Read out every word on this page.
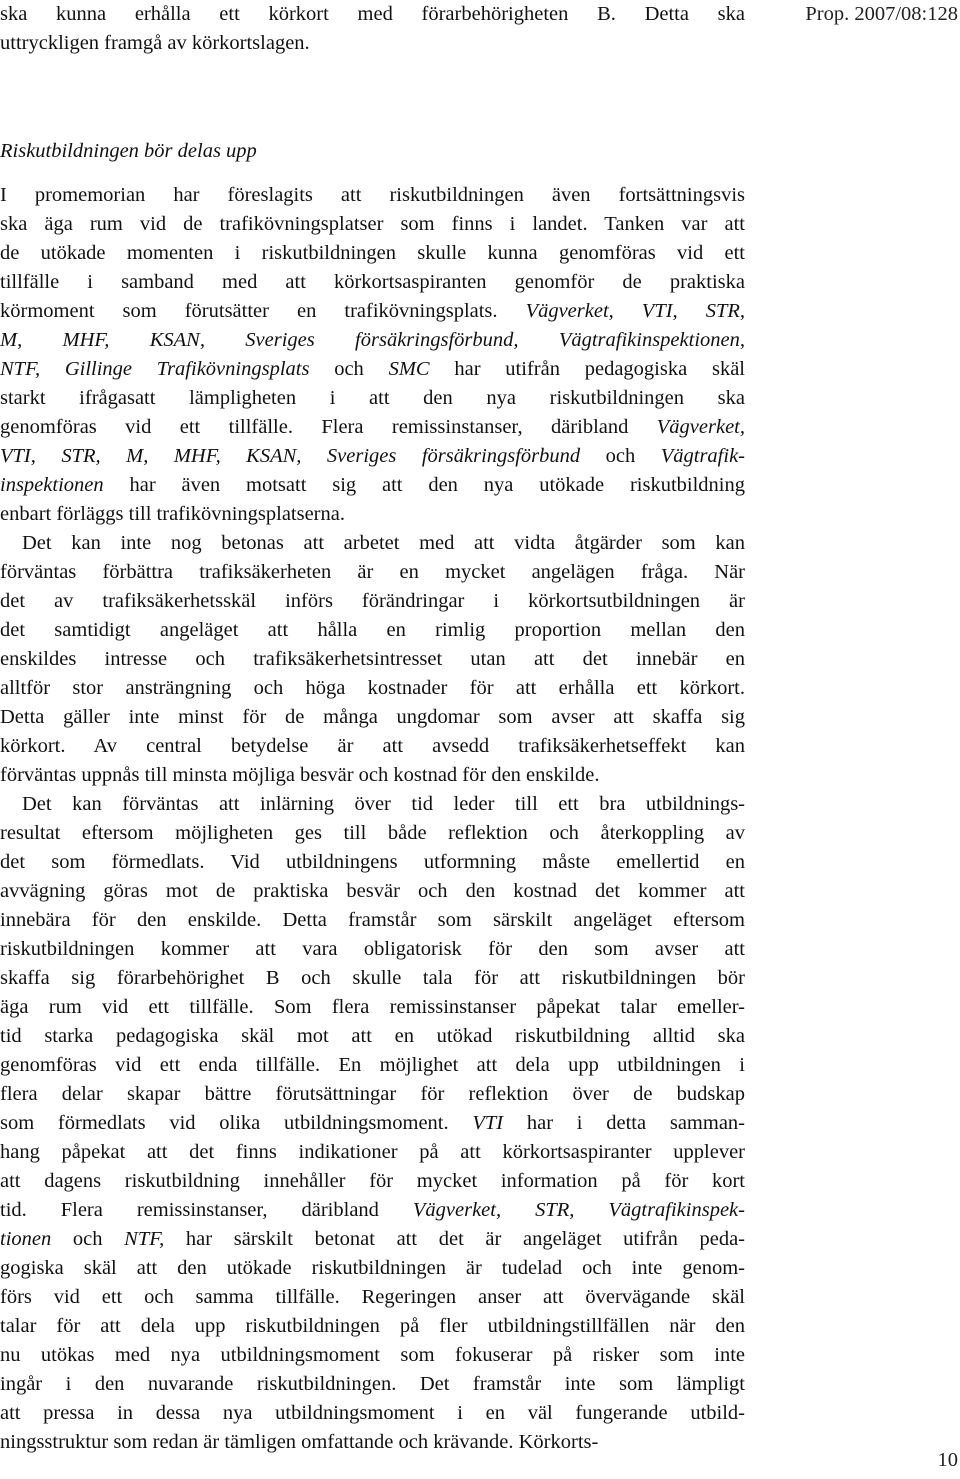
ska kunna erhålla ett körkort med förarbehörigheten B. Detta ska
uttryckligen framgå av körkortslagen.
Prop. 2007/08:128
Riskutbildningen bör delas upp
I promemorian har föreslagits att riskutbildningen även fortsättningsvis
ska äga rum vid de trafikövningsplatser som finns i landet. Tanken var att
de utökade momenten i riskutbildningen skulle kunna genomföras vid ett
tillfälle i samband med att körkortsaspiranten genomför de praktiska
körmoment som förutsätter en trafikövningsplats. Vägverket, VTI, STR,
M, MHF, KSAN, Sveriges försäkringsförbund, Vägtrafikinspektionen,
NTF, Gillinge Trafikövningsplats och SMC har utifrån pedagogiska skäl
starkt ifrågasatt lämpligheten i att den nya riskutbildningen ska
genomföras vid ett tillfälle. Flera remissinstanser, däribland Vägverket,
VTI, STR, M, MHF, KSAN, Sveriges försäkringsförbund och Vägtrafik-
inspektionen har även motsatt sig att den nya utökade riskutbildning
enbart förläggs till trafikövningsplatserna.
Det kan inte nog betonas att arbetet med att vidta åtgärder som kan
förväntas förbättra trafiksäkerheten är en mycket angelägen fråga. När
det av trafiksäkerhetsskäl införs förändringar i körkortsutbildningen är
det samtidigt angeläget att hålla en rimlig proportion mellan den
enskildes intresse och trafiksäkerhetsintresset utan att det innebär en
alltför stor ansträngning och höga kostnader för att erhålla ett körkort.
Detta gäller inte minst för de många ungdomar som avser att skaffa sig
körkort. Av central betydelse är att avsedd trafiksäkerhetseffekt kan
förväntas uppnås till minsta möjliga besvär och kostnad för den enskilde.
Det kan förväntas att inlärning över tid leder till ett bra utbildnings-
resultat eftersom möjligheten ges till både reflektion och återkoppling av
det som förmedlats. Vid utbildningens utformning måste emellertid en
avvägning göras mot de praktiska besvär och den kostnad det kommer att
innebära för den enskilde. Detta framstår som särskilt angeläget eftersom
riskutbildningen kommer att vara obligatorisk för den som avser att
skaffa sig förarbehörighet B och skulle tala för att riskutbildningen bör
äga rum vid ett tillfälle. Som flera remissinstanser påpekat talar emeller-
tid starka pedagogiska skäl mot att en utökad riskutbildning alltid ska
genomföras vid ett enda tillfälle. En möjlighet att dela upp utbildningen i
flera delar skapar bättre förutsättningar för reflektion över de budskap
som förmedlats vid olika utbildningsmoment. VTI har i detta samman-
hang påpekat att det finns indikationer på att körkortsaspiranter upplever
att dagens riskutbildning innehåller för mycket information på för kort
tid. Flera remissinstanser, däribland Vägverket, STR, Vägtrafikinspek-
tionen och NTF, har särskilt betonat att det är angeläget utifrån peda-
gogiska skäl att den utökade riskutbildningen är tudelad och inte genom-
förs vid ett och samma tillfälle. Regeringen anser att övervägande skäl
talar för att dela upp riskutbildningen på fler utbildningstillfällen när den
nu utökas med nya utbildningsmoment som fokuserar på risker som inte
ingår i den nuvarande riskutbildningen. Det framstår inte som lämpligt
att pressa in dessa nya utbildningsmoment i en väl fungerande utbild-
ningsstruktur som redan är tämligen omfattande och krävande. Körkorts-
10
